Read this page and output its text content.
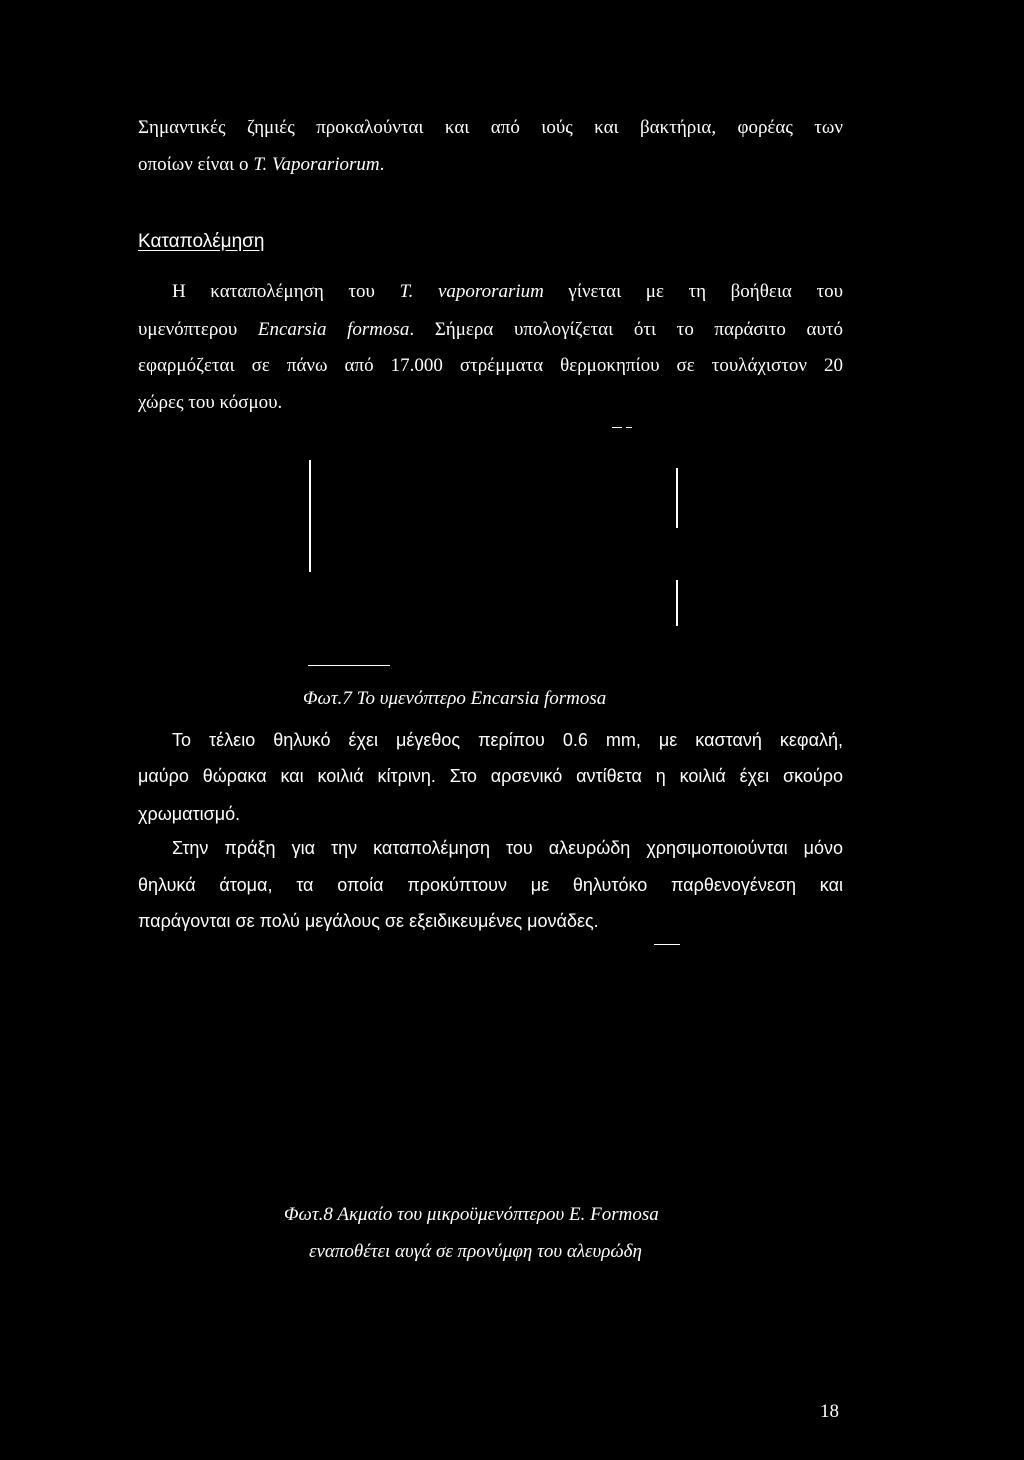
Σημαντικές ζημιές προκαλούνται και από ιούς και βακτήρια, φορέας των
οποίων είναι ο T. Vaporariorum.
Καταπολέμηση
Η καταπολέμηση του T. vapororarium γίνεται με τη βοήθεια του
υμενόπτερου Encarsia formosa. Σήμερα υπολογίζεται ότι το παράσιτο αυτό
εφαρμόζεται σε πάνω από 17.000 στρέμματα θερμοκηπίου σε τουλάχιστον 20
χώρες του κόσμου.
Φωτ.7 Το υμενόπτερο Encarsia formosa
Το τέλειο θηλυκό έχει μέγεθος περίπου 0.6 mm, με καστανή κεφαλή,
μαύρο θώρακα και κοιλιά κίτρινη. Στο αρσενικό αντίθετα η κοιλιά έχει σκούρο
χρωματισμό.
Στην πράξη για την καταπολέμηση του αλευρώδη χρησιμοποιούνται μόνο
θηλυκά άτομα, τα οποία προκύπτουν με θηλυτόκο παρθενογένεση και
παράγονται σε πολύ μεγάλους σε εξειδικευμένες μονάδες.
Φωτ.8 Ακμαίο του μικροϋμενόπτερου E. Formosa
εναποθέτει αυγά σε προνύμφη του αλευρώδη
18
